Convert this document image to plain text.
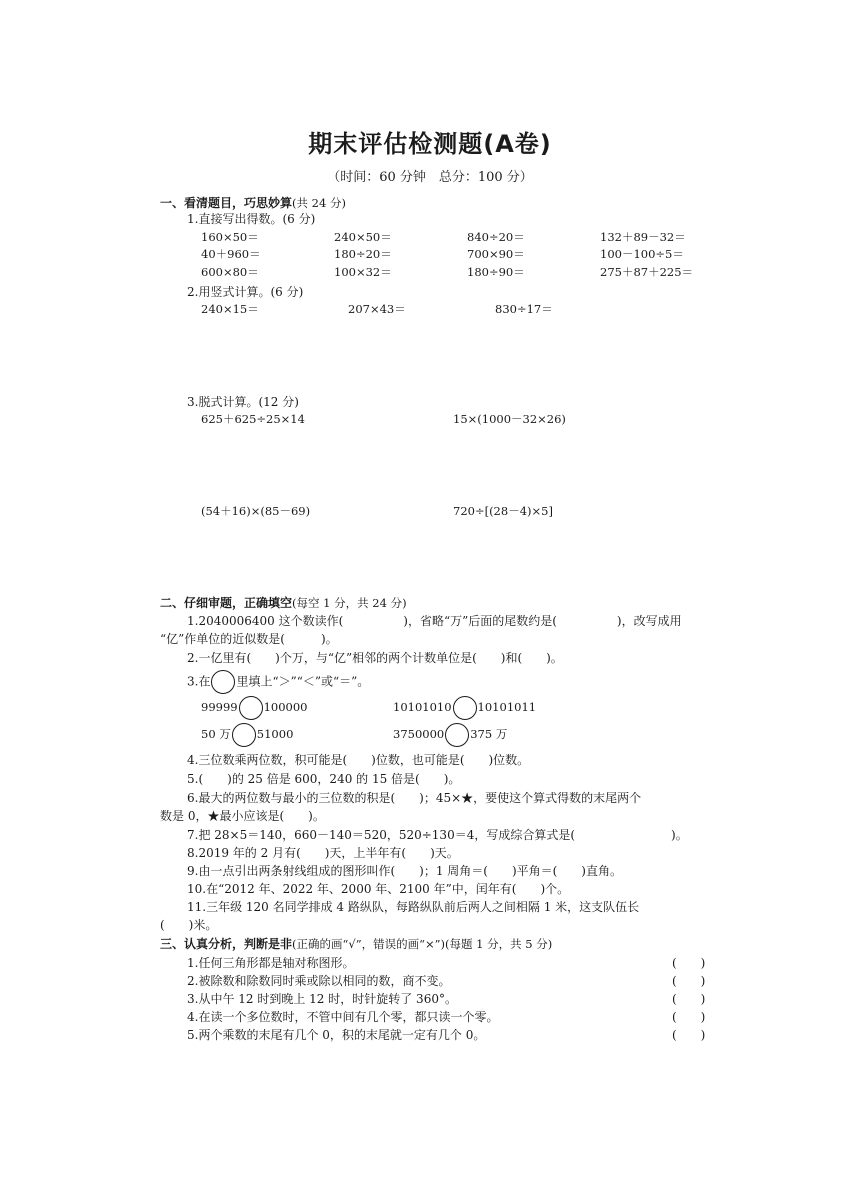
期末评估检测题(A卷)
（时间：60 分钟　总分：100 分）
一、看清题目，巧思妙算(共 24 分)
1.直接写出得数。(6 分)
160×50＝	240×50＝	840÷20＝	132＋89－32＝
40＋960＝	180÷20＝	700×90＝	100－100÷5＝
600×80＝	100×32＝	180÷90＝	275＋87＋225＝
2.用竖式计算。(6 分)
240×15＝	207×43＝	830÷17＝
3.脱式计算。(12 分)
625＋625÷25×14	15×(1000－32×26)
(54＋16)×(85－69)	720÷[(28－4)×5]
二、仔细审题，正确填空(每空 1 分，共 24 分)
1.2040006400 这个数读作(　　　　　)，省略“万”后面的尾数约是(　　　　　)，改写成用
“亿”作单位的近似数是(　　　)。
2.一亿里有(　　)个万，与“亿”相邻的两个计数单位是(　　)和(　　)。
3.在 里填上“＞”“＜”或“＝”。
99999 100000	10101010 10101011
50 万 51000	3750000 375 万
4.三位数乘两位数，积可能是(　　)位数，也可能是(　　)位数。
5.(　　)的 25 倍是 600，240 的 15 倍是(　　)。
6.最大的两位数与最小的三位数的积是(　　)；45×★，要使这个算式得数的末尾两个
数是 0，★最小应该是(　　)。
7.把 28×5＝140，660－140＝520，520÷130＝4，写成综合算式是(　　　　　　　　)。
8.2019 年的 2 月有(　　)天，上半年有(　　)天。
9.由一点引出两条射线组成的图形叫作(　　)；1 周角＝(　　)平角＝(　　)直角。
10.在“2012 年、2022 年、2000 年、2100 年”中，闰年有(　　)个。
11.三年级 120 名同学排成 4 路纵队，每路纵队前后两人之间相隔 1 米，这支队伍长
(　　)米。
三、认真分析，判断是非(正确的画“√”，错误的画“×”)(每题 1 分，共 5 分)
1.任何三角形都是轴对称图形。	(　　)
2.被除数和除数同时乘或除以相同的数，商不变。	(　　)
3.从中午 12 时到晚上 12 时，时针旋转了 360°。	(　　)
4.在读一个多位数时，不管中间有几个零，都只读一个零。	(　　)
5.两个乘数的末尾有几个 0，积的末尾就一定有几个 0。	(　　)
